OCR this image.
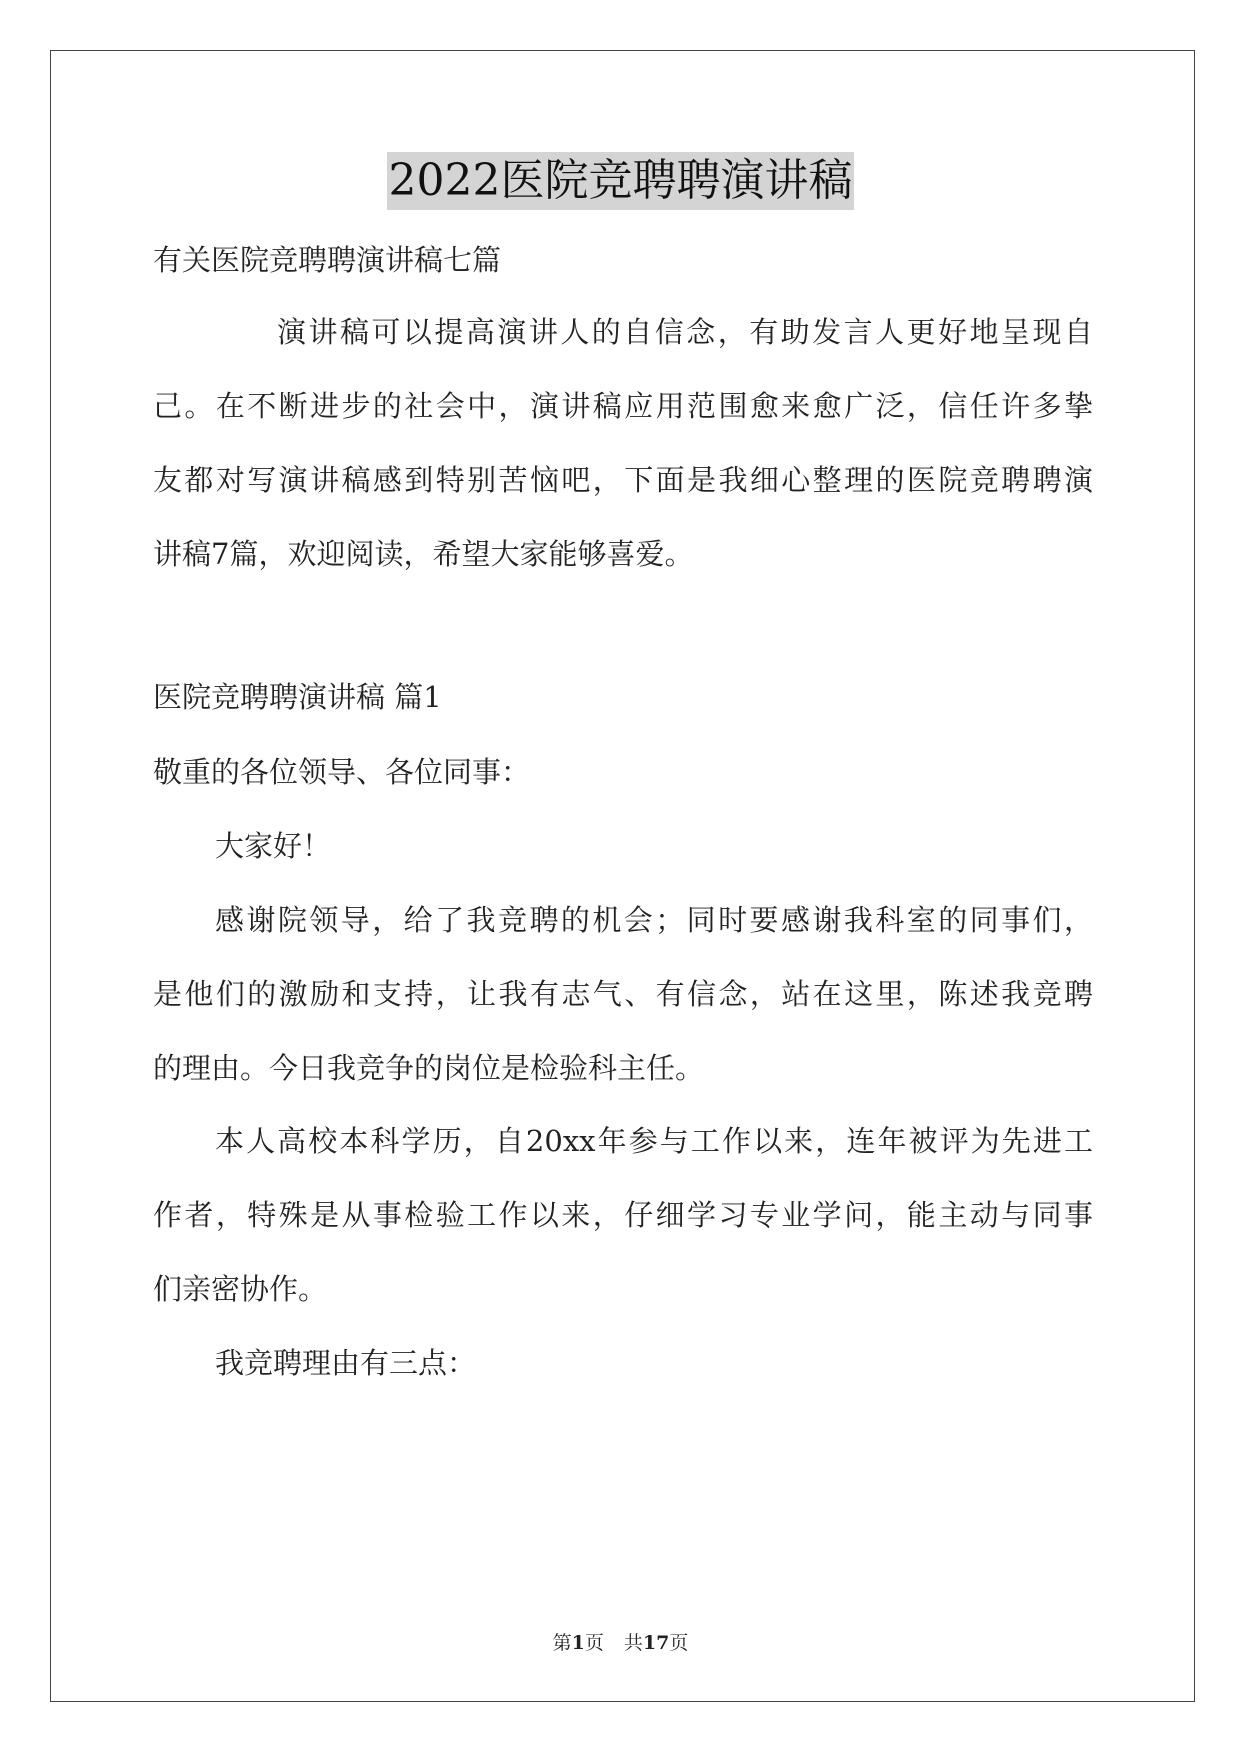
2022医院竞聘聘演讲稿
有关医院竞聘聘演讲稿七篇
演讲稿可以提高演讲人的自信念，有助发言人更好地呈现自
己。在不断进步的社会中，演讲稿应用范围愈来愈广泛，信任许多挚
友都对写演讲稿感到特别苦恼吧，下面是我细心整理的医院竞聘聘演
讲稿7篇，欢迎阅读，希望大家能够喜爱。
医院竞聘聘演讲稿 篇1
敬重的各位领导、各位同事：
大家好！
感谢院领导，给了我竞聘的机会；同时要感谢我科室的同事们，
是他们的激励和支持，让我有志气、有信念，站在这里，陈述我竞聘
的理由。今日我竞争的岗位是检验科主任。
本人高校本科学历，自20xx年参与工作以来，连年被评为先进工
作者，特殊是从事检验工作以来，仔细学习专业学问，能主动与同事
们亲密协作。
我竞聘理由有三点：
第1页 共17页
